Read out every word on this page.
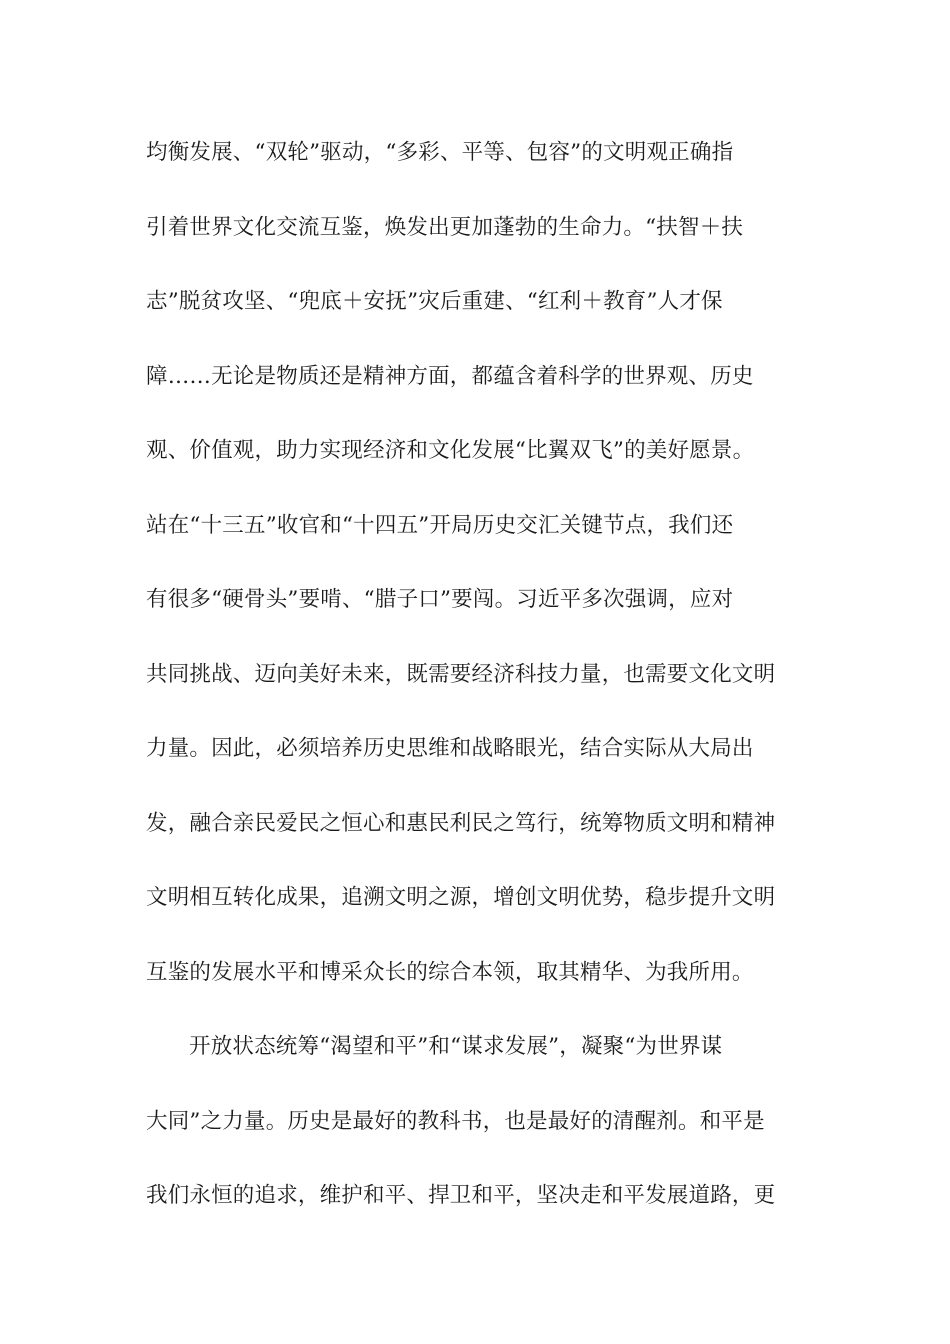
均衡发展、“双轮”驱动，“多彩、平等、包容”的文明观正确指
引着世界文化交流互鉴，焕发出更加蓬勃的生命力。“扶智＋扶
志”脱贫攻坚、“兜底＋安抚”灾后重建、“红利＋教育”人才保
障……无论是物质还是精神方面，都蕴含着科学的世界观、历史
观、价值观，助力实现经济和文化发展“比翼双飞”的美好愿景。
站在“十三五”收官和“十四五”开局历史交汇关键节点，我们还
有很多“硬骨头”要啃、“腊子口”要闯。习近平多次强调，应对
共同挑战、迈向美好未来，既需要经济科技力量，也需要文化文明
力量。因此，必须培养历史思维和战略眼光，结合实际从大局出
发，融合亲民爱民之恒心和惠民利民之笃行，统筹物质文明和精神
文明相互转化成果，追溯文明之源，增创文明优势，稳步提升文明
互鉴的发展水平和博采众长的综合本领，取其精华、为我所用。
开放状态统筹“渴望和平”和“谋求发展”，凝聚“为世界谋
大同”之力量。历史是最好的教科书，也是最好的清醒剂。和平是
我们永恒的追求，维护和平、捍卫和平，坚决走和平发展道路，更
